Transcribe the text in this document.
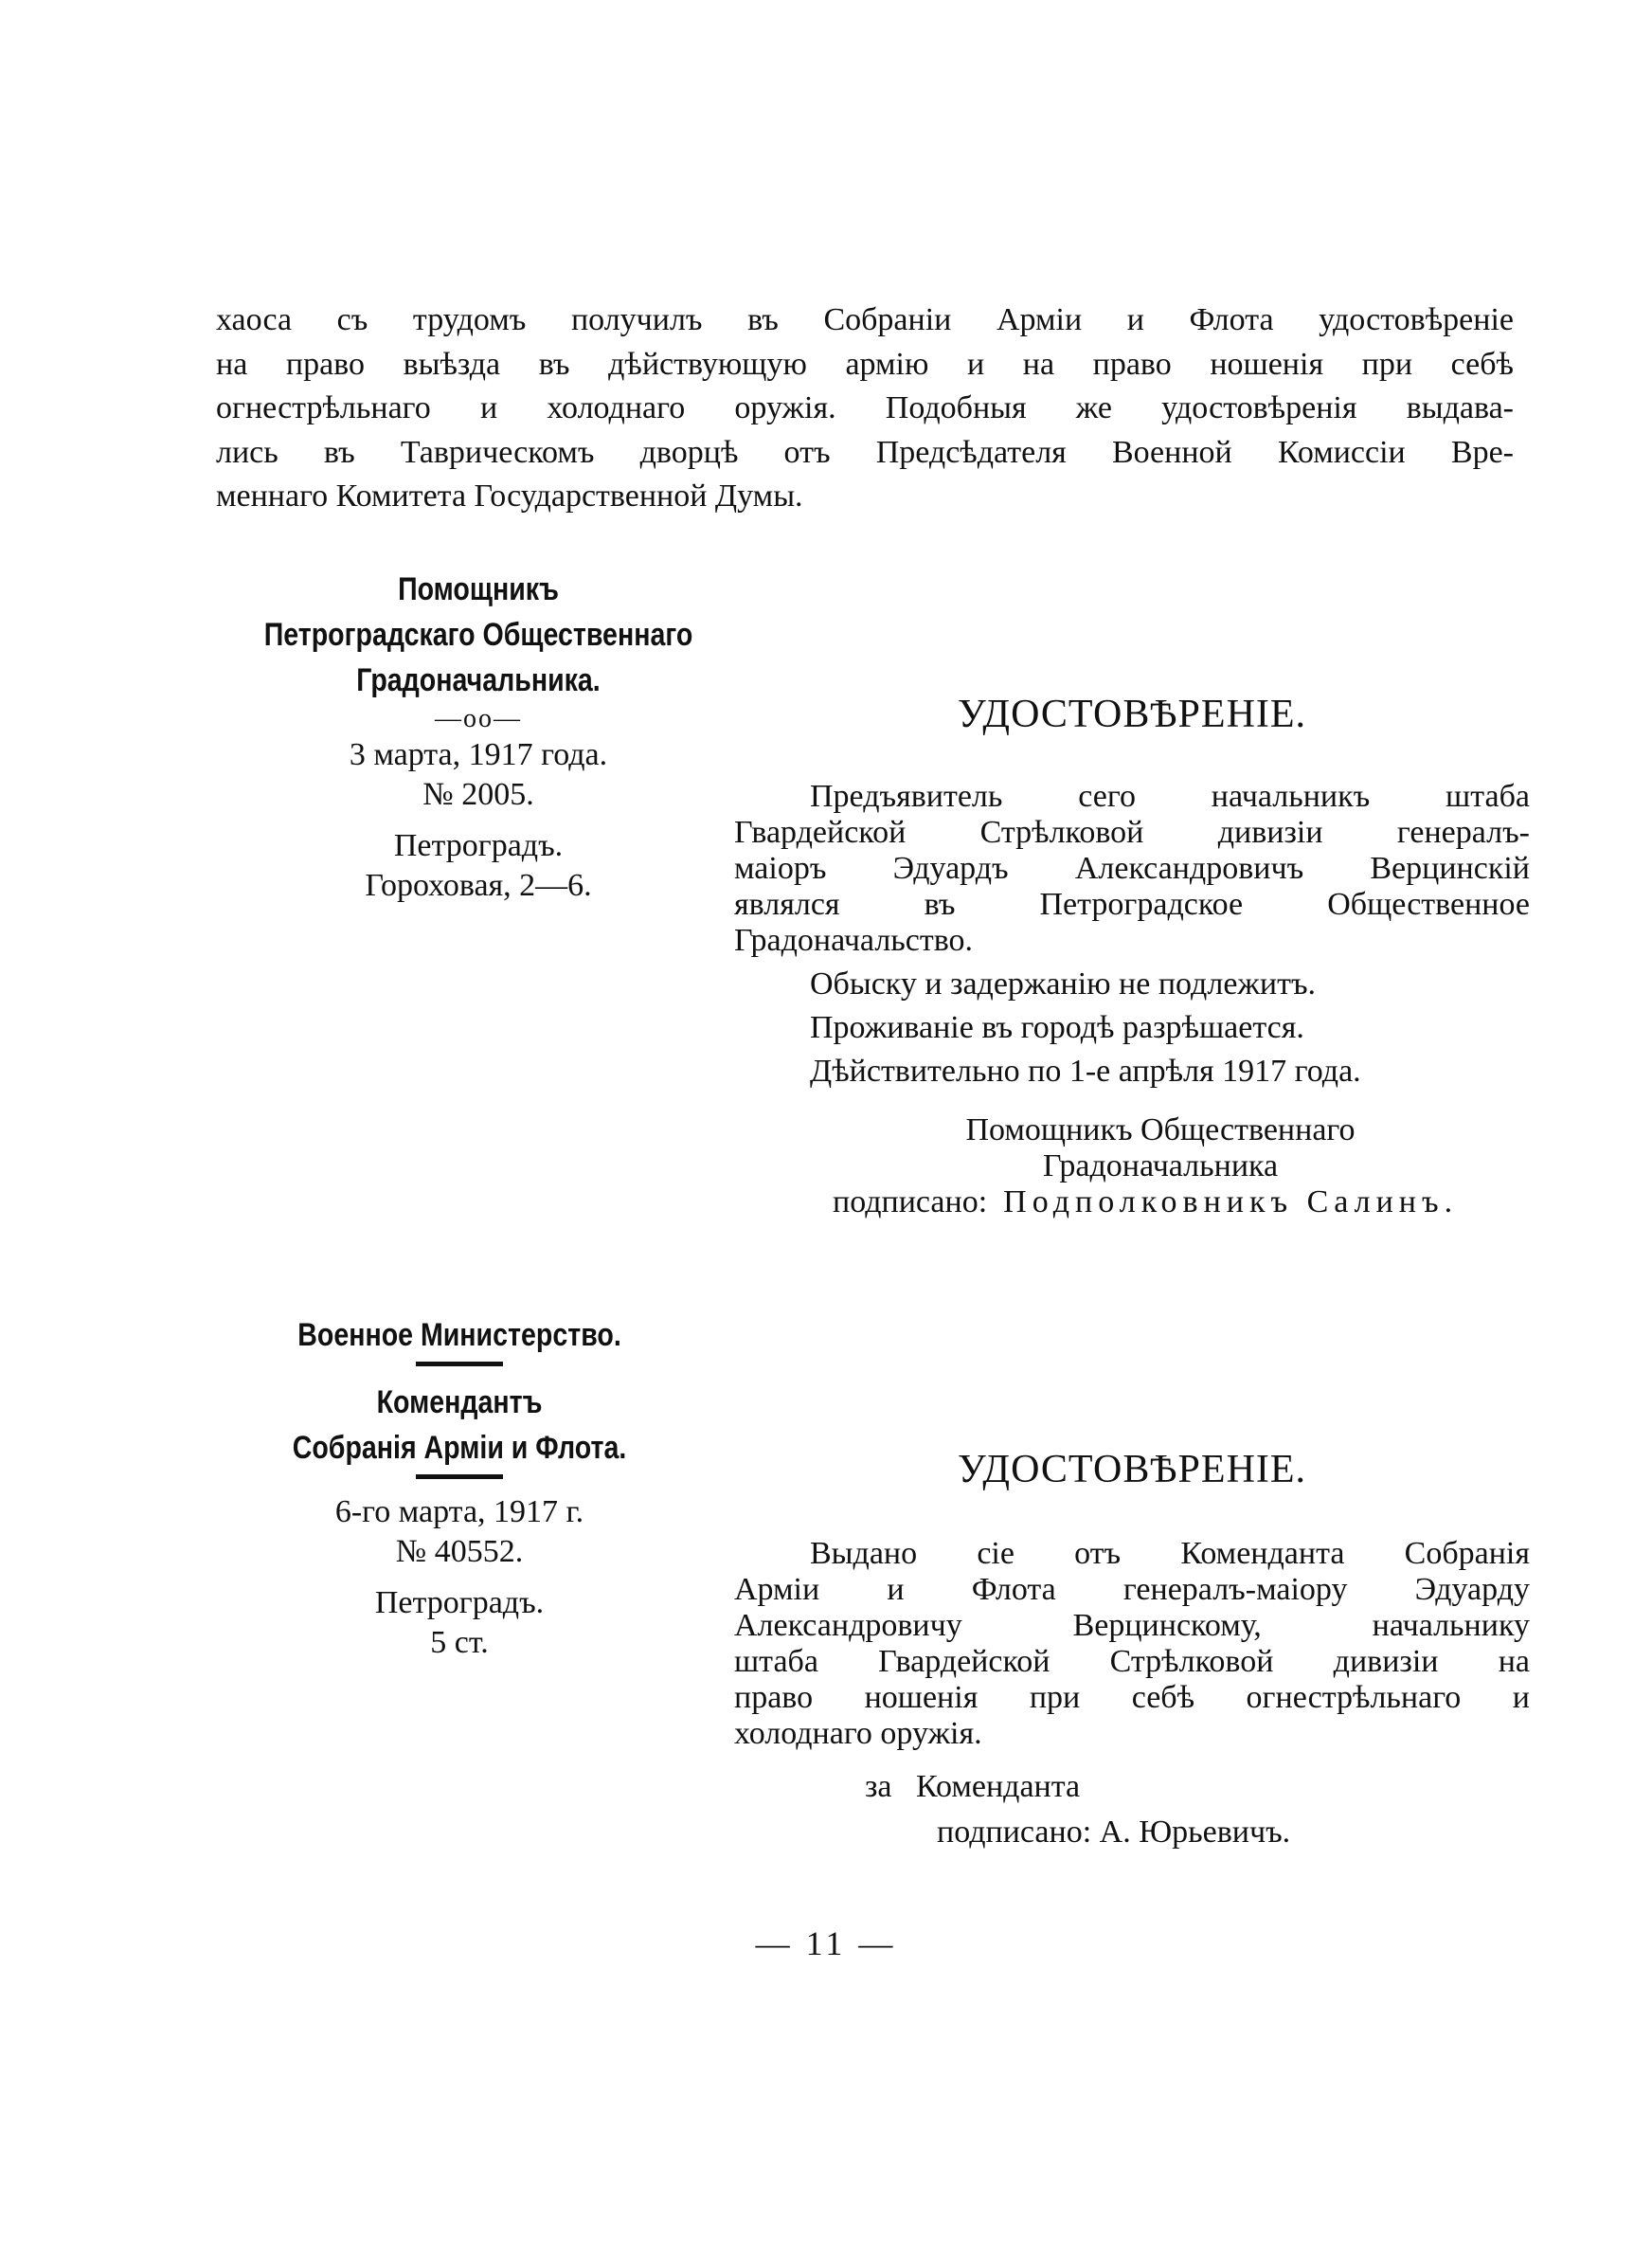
хаоса съ трудомъ получилъ въ Собраніи Арміи и Флота удостовѣреніе
на право выѣзда въ дѣйствующую армію и на право ношенія при себѣ
огнестрѣльнаго и холоднаго оружія. Подобныя же удостовѣренія выдава-
лись въ Таврическомъ дворцѣ отъ Предсѣдателя Военной Комиссіи Вре-
меннаго Комитета Государственной Думы.
Помощникъ
Петроградскаго Общественнаго
Градоначальника.
—oo—
3 марта, 1917 года.
№ 2005.
Петроградъ.
Гороховая, 2—6.
УДОСТОВѢРЕНІЕ.
Предъявитель сего начальникъ штаба
Гвардейской Стрѣлковой дивизіи генералъ-
маіоръ Эдуардъ Александровичъ Верцинскій
являлся въ Петроградское Общественное
Градоначальство.
Обыску и задержанію не подлежитъ.
Проживаніе въ городѣ разрѣшается.
Дѣйствительно по 1-е апрѣля 1917 года.
Помощникъ Общественнаго
Градоначальника
подписано: Подполковникъ Салинъ.
Военное Министерство.
Комендантъ
Собранія Арміи и Флота.
6-го марта, 1917 г.
№ 40552.
Петроградъ.
5 ст.
УДОСТОВѢРЕНІЕ.
Выдано сіе отъ Коменданта Собранія
Арміи и Флота генералъ-маіору Эдуарду
Александровичу Верцинскому, начальнику
штаба Гвардейской Стрѣлковой дивизіи на
право ношенія при себѣ огнестрѣльнаго и
холоднаго оружія.
за Коменданта
подписано: А. Юрьевичъ.
— 11 —
